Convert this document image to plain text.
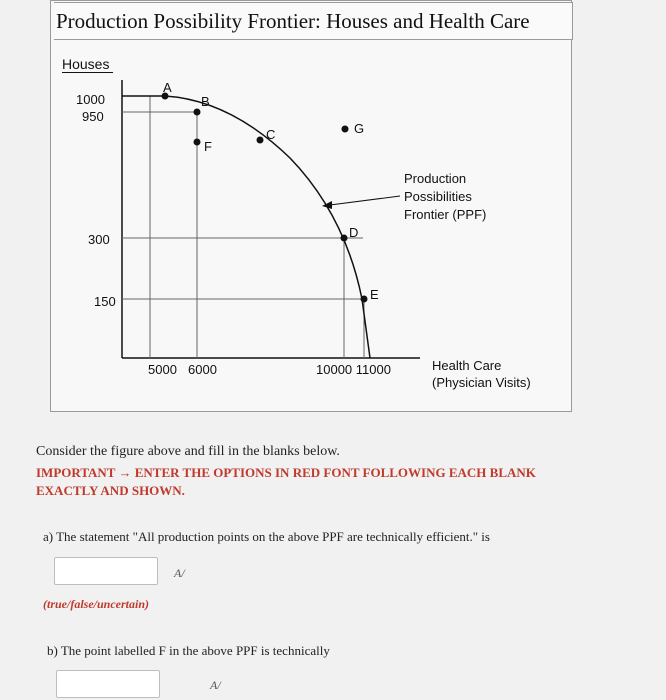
Production Possibility Frontier: Houses and Health Care
Houses
1000
950
300
150
5000 6000	10000 11000
A
B
C
D
E
F
G
Production
Possibilities
Frontier (PPF)
Health Care
(Physician Visits)
Consider the figure above and fill in the blanks below.
IMPORTANT → ENTER THE OPTIONS IN RED FONT FOLLOWING EACH BLANK EXACTLY AND SHOWN.
a) The statement "All production points on the above PPF are technically efficient." is
A/
(true/false/uncertain)
b) The point labelled F in the above PPF is technically
A/
